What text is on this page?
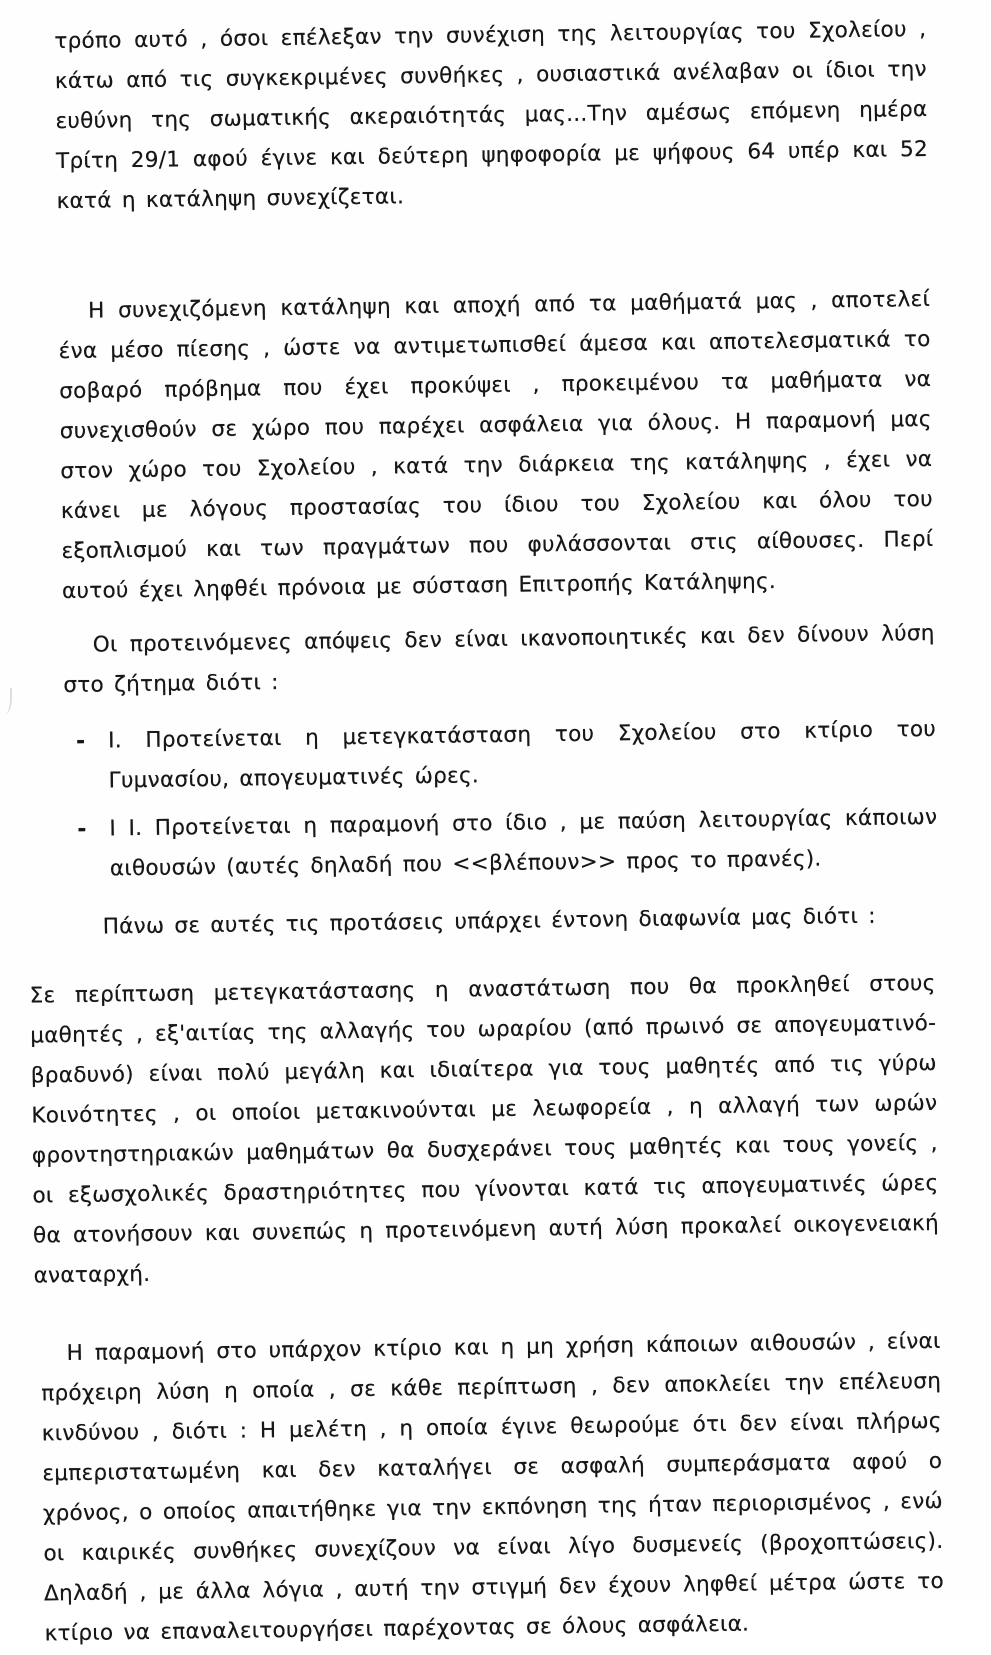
τρόπο αυτό , όσοι επέλεξαν την συνέχιση της λειτουργίας του Σχολείου , κάτω από τις συγκεκριμένες συνθήκες , ουσιαστικά ανέλαβαν οι ίδιοι την ευθύνη της σωματικής ακεραιότητάς μας...Την αμέσως επόμενη ημέρα Τρίτη 29/1 αφού έγινε και δεύτερη ψηφοφορία με ψήφους 64 υπέρ και 52 κατά η κατάληψη συνεχίζεται.

Η συνεχιζόμενη κατάληψη και αποχή από τα μαθήματά μας , αποτελεί ένα μέσο πίεσης , ώστε να αντιμετωπισθεί άμεσα και αποτελεσματικά το σοβαρό πρόβημα που έχει προκύψει , προκειμένου τα μαθήματα να συνεχισθούν σε χώρο που παρέχει ασφάλεια για όλους. Η παραμονή μας στον χώρο του Σχολείου , κατά την διάρκεια της κατάληψης , έχει να κάνει με λόγους προστασίας του ίδιου του Σχολείου και όλου του εξοπλισμού και των πραγμάτων που φυλάσσονται στις αίθουσες. Περί αυτού έχει ληφθέι πρόνοια με σύσταση Επιτροπής Κατάληψης.

Οι προτεινόμενες απόψεις δεν είναι ικανοποιητικές και δεν δίνουν λύση στο ζήτημα διότι :

-	Ι. Προτείνεται η μετεγκατάσταση του Σχολείου στο κτίριο του Γυμνασίου, απογευματινές ώρες.
-	Ι Ι. Προτείνεται η παραμονή στο ίδιο , με παύση λειτουργίας κάποιων αιθουσών (αυτές δηλαδή που <<βλέπουν>> προς το πρανές).

Πάνω σε αυτές τις προτάσεις υπάρχει έντονη διαφωνία μας διότι :

Σε περίπτωση μετεγκατάστασης η αναστάτωση που θα προκληθεί στους μαθητές , εξ'αιτίας της αλλαγής του ωραρίου (από πρωινό σε απογευματινό-βραδυνό) είναι πολύ μεγάλη και ιδιαίτερα για τους μαθητές από τις γύρω Κοινότητες , οι οποίοι μετακινούνται με λεωφορεία , η αλλαγή των ωρών φροντηστηριακών μαθημάτων θα δυσχεράνει τους μαθητές και τους γονείς , οι εξωσχολικές δραστηριότητες που γίνονται κατά τις απογευματινές ώρες θα ατονήσουν και συνεπώς η προτεινόμενη αυτή λύση προκαλεί οικογενειακή αναταρχή.

Η παραμονή στο υπάρχον κτίριο και η μη χρήση κάποιων αιθουσών , είναι πρόχειρη λύση η οποία , σε κάθε περίπτωση , δεν αποκλείει την επέλευση κινδύνου , διότι : Η μελέτη , η οποία έγινε θεωρούμε ότι δεν είναι πλήρως εμπεριστατωμένη και δεν καταλήγει σε ασφαλή συμπεράσματα αφού ο χρόνος, ο οποίος απαιτήθηκε για την εκπόνηση της ήταν περιορισμένος , ενώ οι καιρικές συνθήκες συνεχίζουν να είναι λίγο δυσμενείς (βροχοπτώσεις). Δηλαδή , με άλλα λόγια , αυτή την στιγμή δεν έχουν ληφθεί μέτρα ώστε το κτίριο να επαναλειτουργήσει παρέχοντας σε όλους ασφάλεια.
